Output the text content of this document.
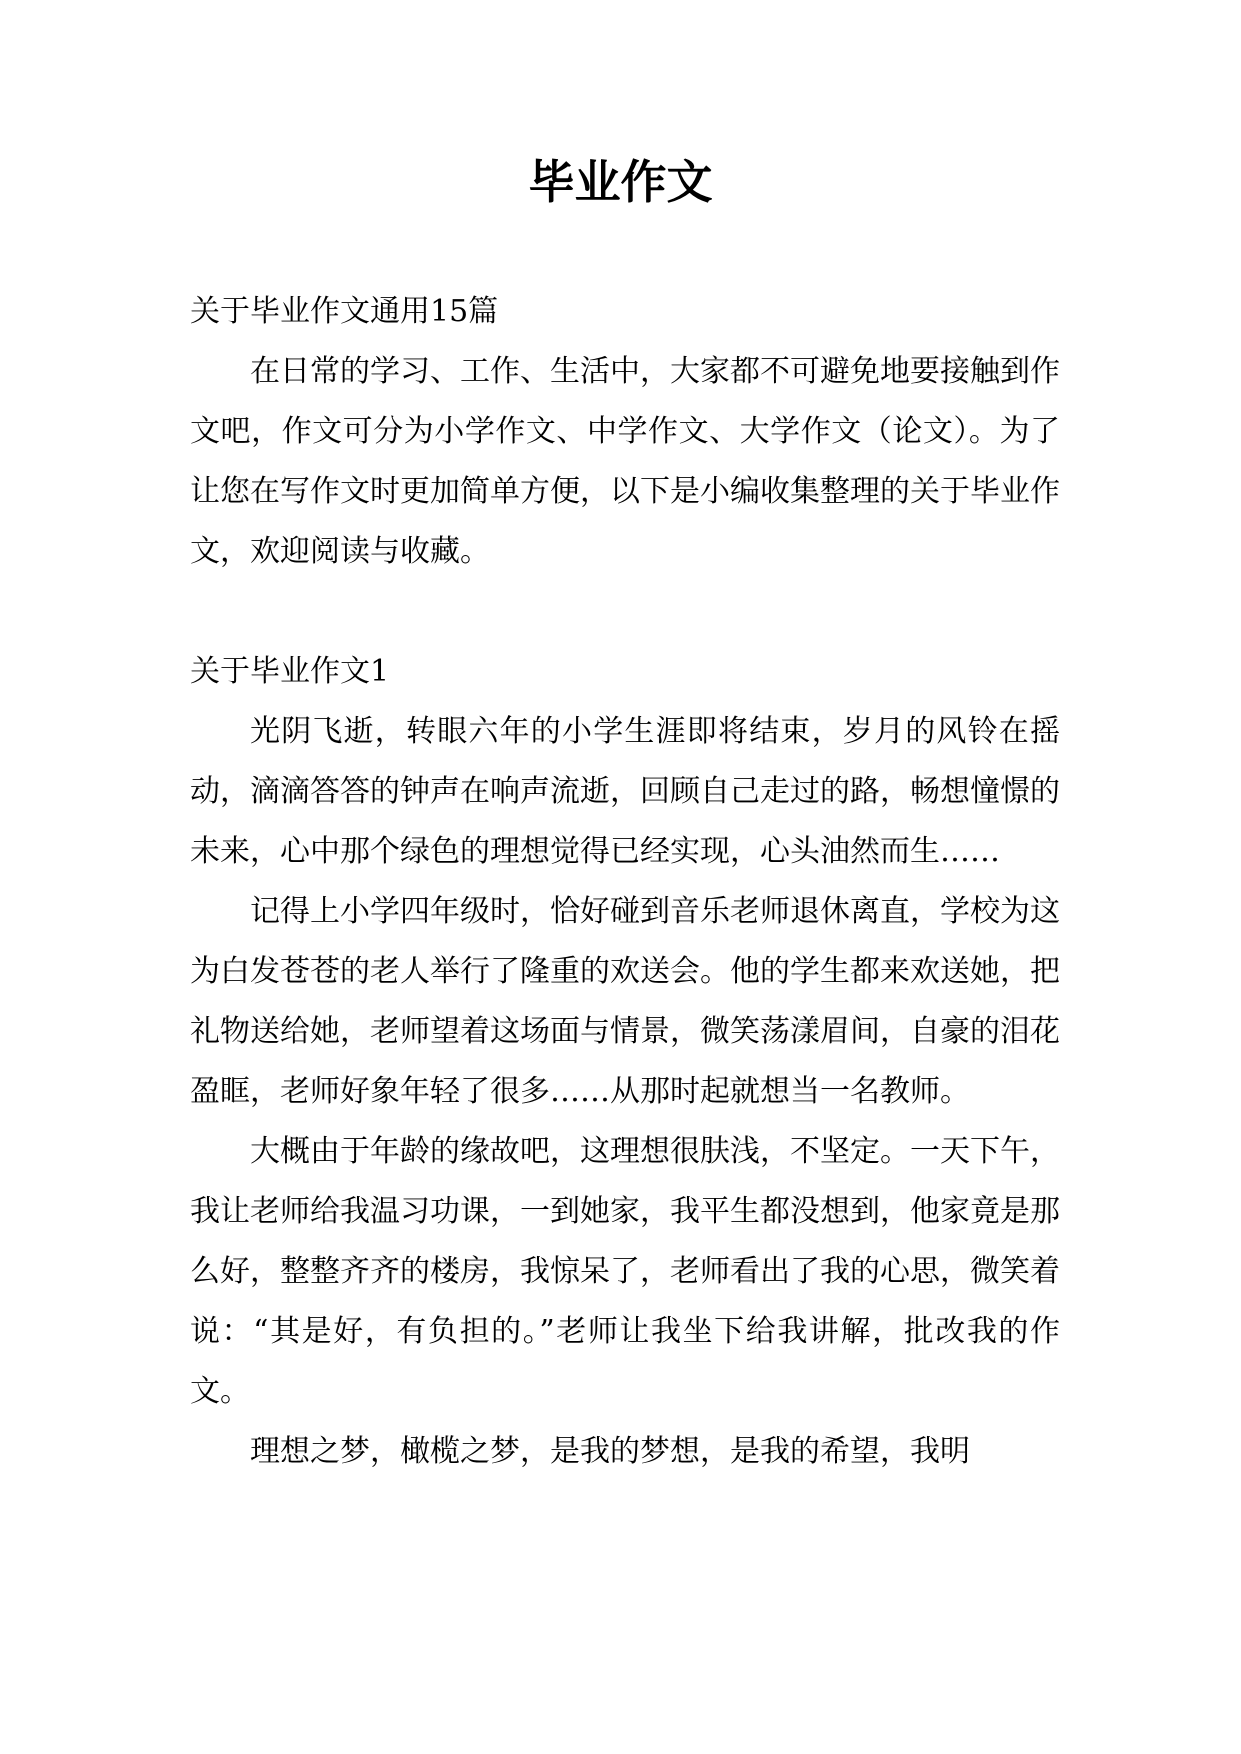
毕业作文

关于毕业作文通用15篇

在日常的学习、工作、生活中，大家都不可避免地要接触到作文吧，作文可分为小学作文、中学作文、大学作文（论文）。为了让您在写作文时更加简单方便，以下是小编收集整理的关于毕业作文，欢迎阅读与收藏。

关于毕业作文1

光阴飞逝，转眼六年的小学生涯即将结束，岁月的风铃在摇动，滴滴答答的钟声在响声流逝，回顾自己走过的路，畅想憧憬的未来，心中那个绿色的理想觉得已经实现，心头油然而生……

记得上小学四年级时，恰好碰到音乐老师退休离直，学校为这为白发苍苍的老人举行了隆重的欢送会。他的学生都来欢送她，把礼物送给她，老师望着这场面与情景，微笑荡漾眉间，自豪的泪花盈眶，老师好象年轻了很多……从那时起就想当一名教师。

大概由于年龄的缘故吧，这理想很肤浅，不坚定。一天下午，我让老师给我温习功课，一到她家，我平生都没想到，他家竟是那么好，整整齐齐的楼房，我惊呆了，老师看出了我的心思，微笑着说：“其是好，有负担的。”老师让我坐下给我讲解，批改我的作文。

理想之梦，橄榄之梦，是我的梦想，是我的希望，我明
